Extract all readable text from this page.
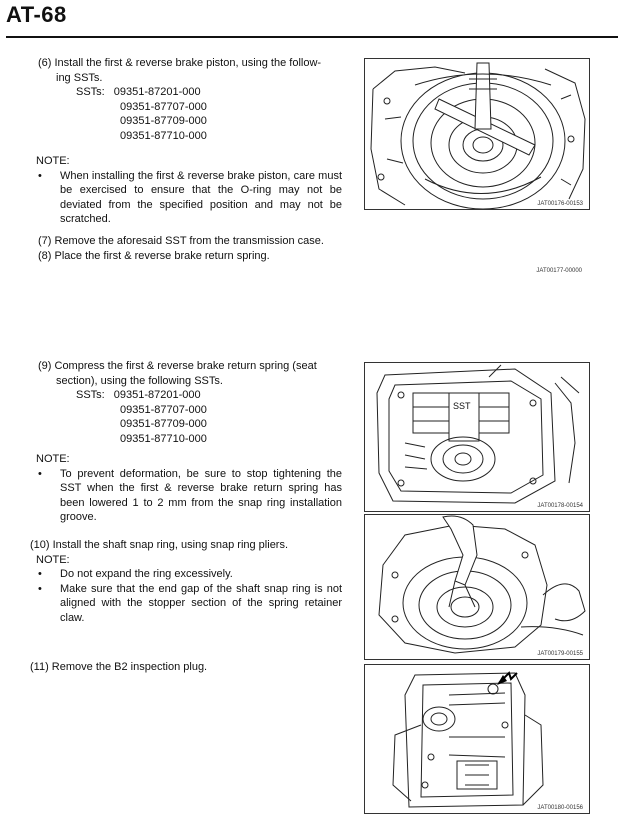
AT-68
(6) Install the first & reverse brake piston, using the follow-
ing SSTs.
SSTs: 09351-87201-000
09351-87707-000
09351-87709-000
09351-87710-000
NOTE:
•	When installing the first & reverse brake piston, care must be exercised to ensure that the O-ring may not be deviated from the specified position and may not be scratched.
(7) Remove the aforesaid SST from the transmission case.
(8) Place the first & reverse brake return spring.
(9) Compress the first & reverse brake return spring (seat
section), using the following SSTs.
SSTs: 09351-87201-000
09351-87707-000
09351-87709-000
09351-87710-000
NOTE:
•	To prevent deformation, be sure to stop tightening the SST when the first & reverse brake return spring has been lowered 1 to 2 mm from the snap ring installation groove.
(10) Install the shaft snap ring, using snap ring pliers.
NOTE:
•	Do not expand the ring excessively.
•	Make sure that the end gap of the shaft snap ring is not aligned with the stopper section of the spring retainer claw.
(11) Remove the B2 inspection plug.
JAT00176-00153
JAT00177-00000
SST
JAT00178-00154
JAT00179-00155
JAT00180-00156
